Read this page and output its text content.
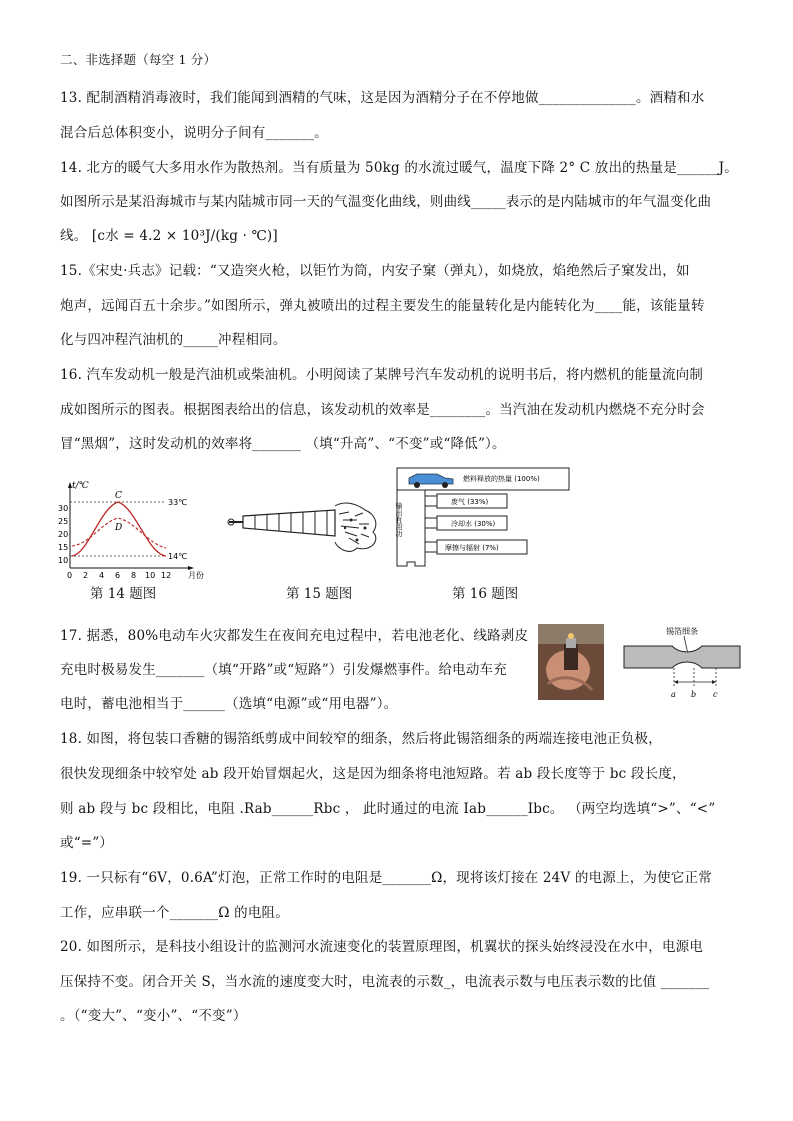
二、非选择题（每空 1 分）
13. 配制酒精消毒液时，我们能闻到酒精的气味，这是因为酒精分子在不停地做______________。酒精和水
混合后总体积变小，说明分子间有_______。
14. 北方的暖气大多用水作为散热剂。当有质量为 50kg 的水流过暖气，温度下降 2° C 放出的热量是______J。
如图所示是某沿海城市与某内陆城市同一天的气温变化曲线，则曲线_____表示的是内陆城市的年气温变化曲
线。 [c水 = 4.2 × 10³J/(kg · ℃)]
15.《宋史·兵志》记载：“又造突火枪，以钜竹为筒，内安子窠（弹丸），如烧放，焰绝然后子窠发出，如
炮声，远闻百五十余步。”如图所示，弹丸被喷出的过程主要发生的能量转化是内能转化为____能，该能量转
化与四冲程汽油机的_____冲程相同。
16. 汽车发动机一般是汽油机或柴油机。小明阅读了某牌号汽车发动机的说明书后，将内燃机的能量流向制
成如图所示的图表。根据图表给出的信息，该发动机的效率是________。当汽油在发动机内燃烧不充分时会
冒“黑烟”，这时发动机的效率将_______ （填“升高”、“不变”或“降低”）。
t/℃
30
25
20
15
10
C
D
33℃
14℃
0 2 4 6 8 10 12 月份
燃料释放的热量 (100%)
废气 (33%)
冷却水 (30%)
摩擦与辐射 (7%)
输出有用功
第 14 题图	第 15 题图	第 16 题图
17. 据悉，80%电动车火灾都发生在夜间充电过程中，若电池老化、线路剥皮
充电时极易发生_______（填“开路”或“短路”）引发爆燃事件。给电动车充
电时，蓄电池相当于______（选填“电源”或“用电器”）。
锡箔细条
a b c
18. 如图，将包装口香糖的锡箔纸剪成中间较窄的细条，然后将此锡箔细条的两端连接电池正负极，
很快发现细条中较窄处 ab 段开始冒烟起火，这是因为细条将电池短路。若 ab 段长度等于 bc 段长度，
则 ab 段与 bc 段相比，电阻 .Rab______Rbc ， 此时通过的电流 Iab______Ibc。 （两空均选填“>”、“<”
或“=”）
19. 一只标有“6V，0.6A”灯泡，正常工作时的电阻是_______Ω，现将该灯接在 24V 的电源上，为使它正常
工作，应串联一个_______Ω 的电阻。
20. 如图所示，是科技小组设计的监测河水流速变化的装置原理图，机翼状的探头始终浸没在水中，电源电
压保持不变。闭合开关 S，当水流的速度变大时，电流表的示数_，电流表示数与电压表示数的比值 _______
。（“变大”、“变小”、“不变”）
